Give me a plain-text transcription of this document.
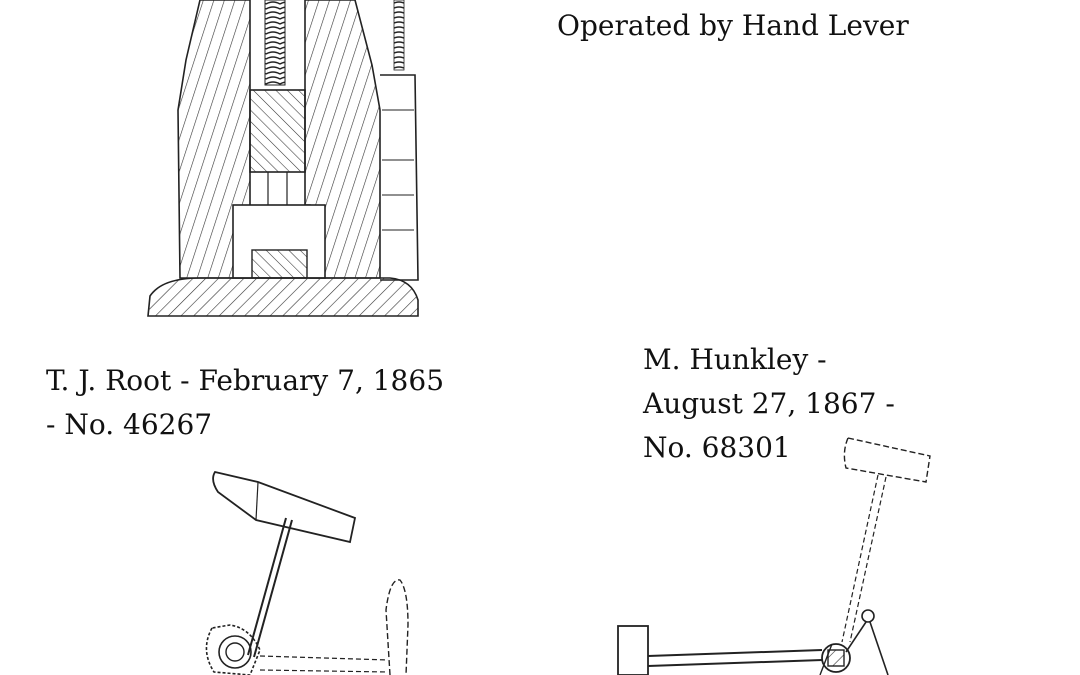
Operated by Hand Lever
T. J. Root - February 7, 1865
- No. 46267
M. Hunkley -
August 27, 1867 -
No. 68301
